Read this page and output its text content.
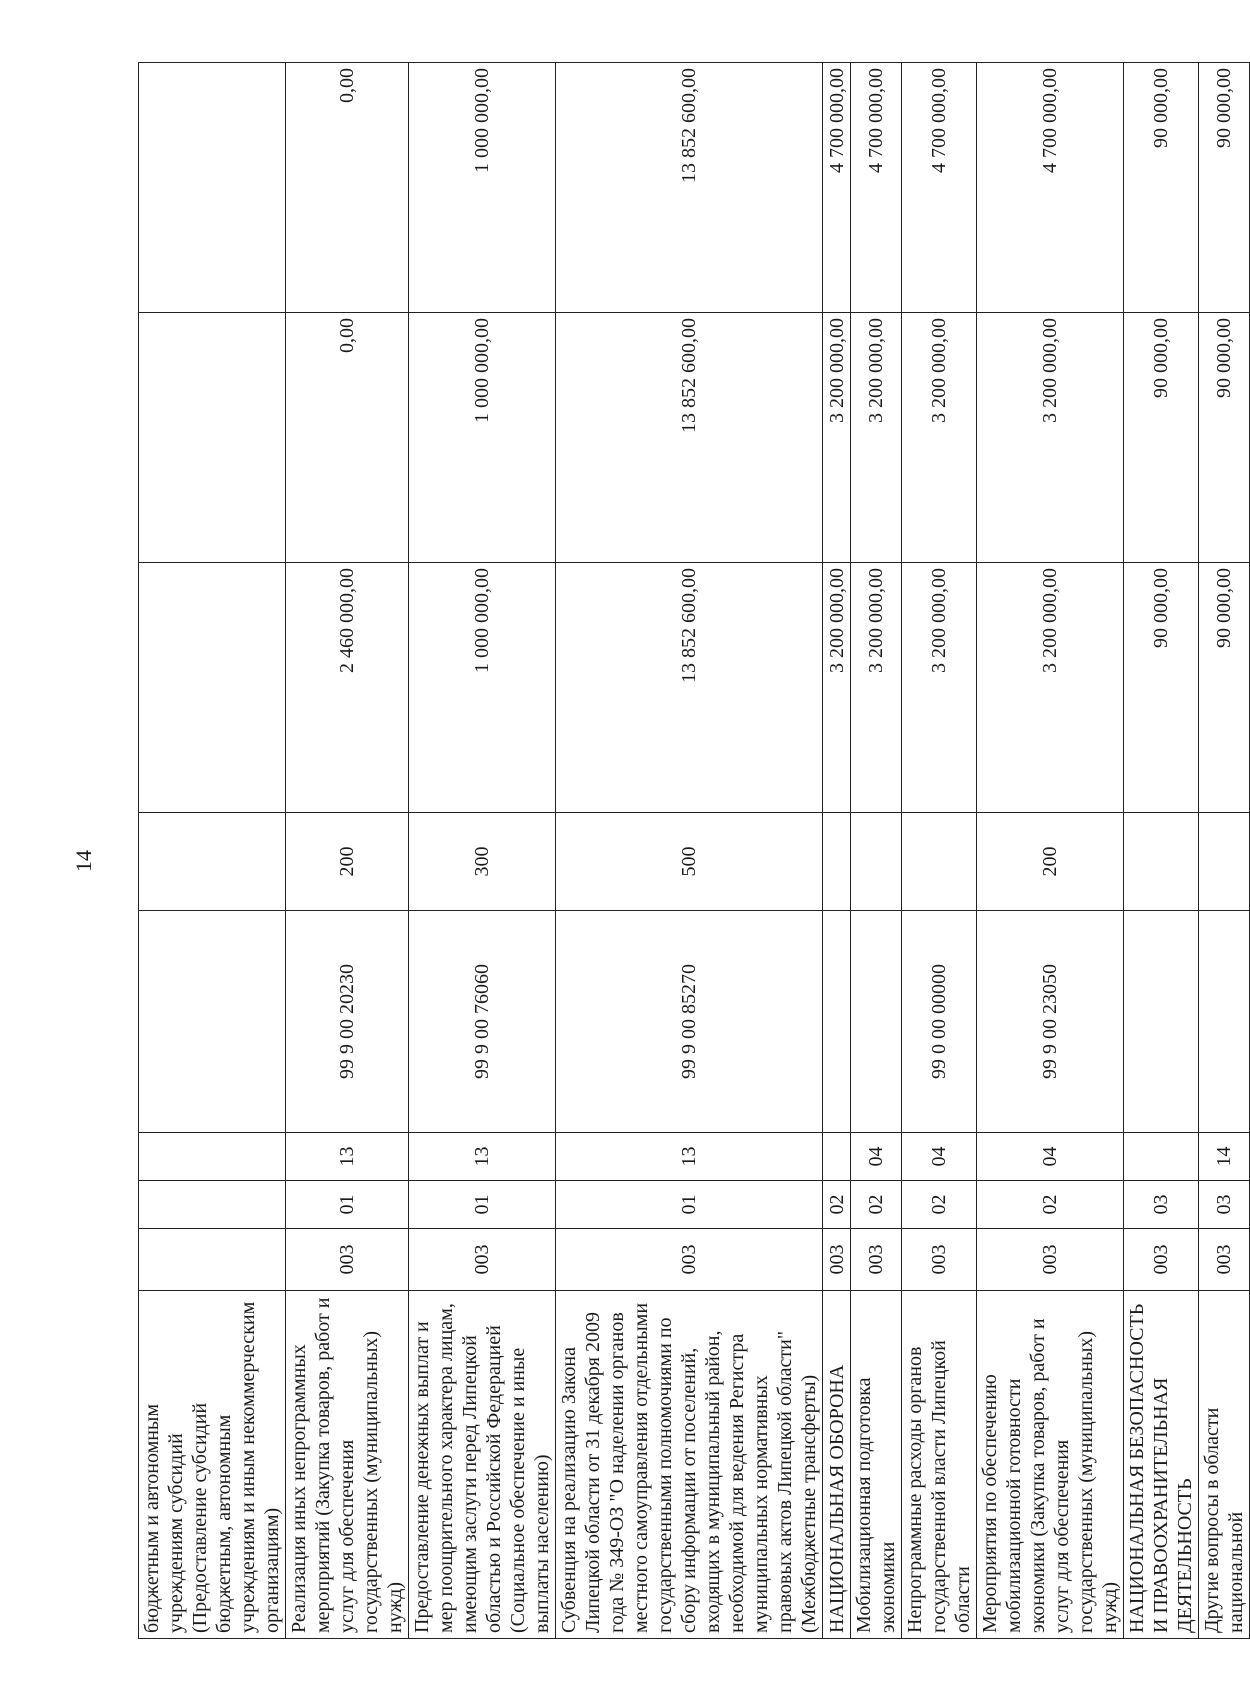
14
бюджетным и автономным учреждениям субсидий (Предоставление субсидий бюджетным, автономным учреждениям и иным некоммерческим организациям)								
Реализация иных непрограммных мероприятий (Закупка товаров, работ и услуг для обеспечения государственных (муниципальных) нужд)	003	01	13	99 9 00 20230	200	2 460 000,00	0,00	0,00
Предоставление денежных выплат и мер поощрительного характера лицам, имеющим заслуги перед Липецкой областью и Российской Федерацией (Социальное обеспечение и иные выплаты населению)	003	01	13	99 9 00 76060	300	1 000 000,00	1 000 000,00	1 000 000,00
Субвенция на реализацию Закона Липецкой области от 31 декабря 2009 года № 349-ОЗ "О наделении органов местного самоуправления отдельными государственными полномочиями по сбору информации от поселений, входящих в муниципальный район, необходимой для ведения Регистра муниципальных нормативных правовых актов Липецкой области" (Межбюджетные трансферты)	003	01	13	99 9 00 85270	500	13 852 600,00	13 852 600,00	13 852 600,00
НАЦИОНАЛЬНАЯ ОБОРОНА	003	02				3 200 000,00	3 200 000,00	4 700 000,00
Мобилизационная подготовка экономики	003	02	04			3 200 000,00	3 200 000,00	4 700 000,00
Непрограммные расходы органов государственной власти Липецкой области	003	02	04	99 0 00 00000		3 200 000,00	3 200 000,00	4 700 000,00
Мероприятия по обеспечению мобилизационной готовности экономики (Закупка товаров, работ и услуг для обеспечения государственных (муниципальных) нужд)	003	02	04	99 9 00 23050	200	3 200 000,00	3 200 000,00	4 700 000,00
НАЦИОНАЛЬНАЯ БЕЗОПАСНОСТЬ И ПРАВООХРАНИТЕЛЬНАЯ ДЕЯТЕЛЬНОСТЬ	003	03				90 000,00	90 000,00	90 000,00
Другие вопросы в области национальной	003	03	14			90 000,00	90 000,00	90 000,00
